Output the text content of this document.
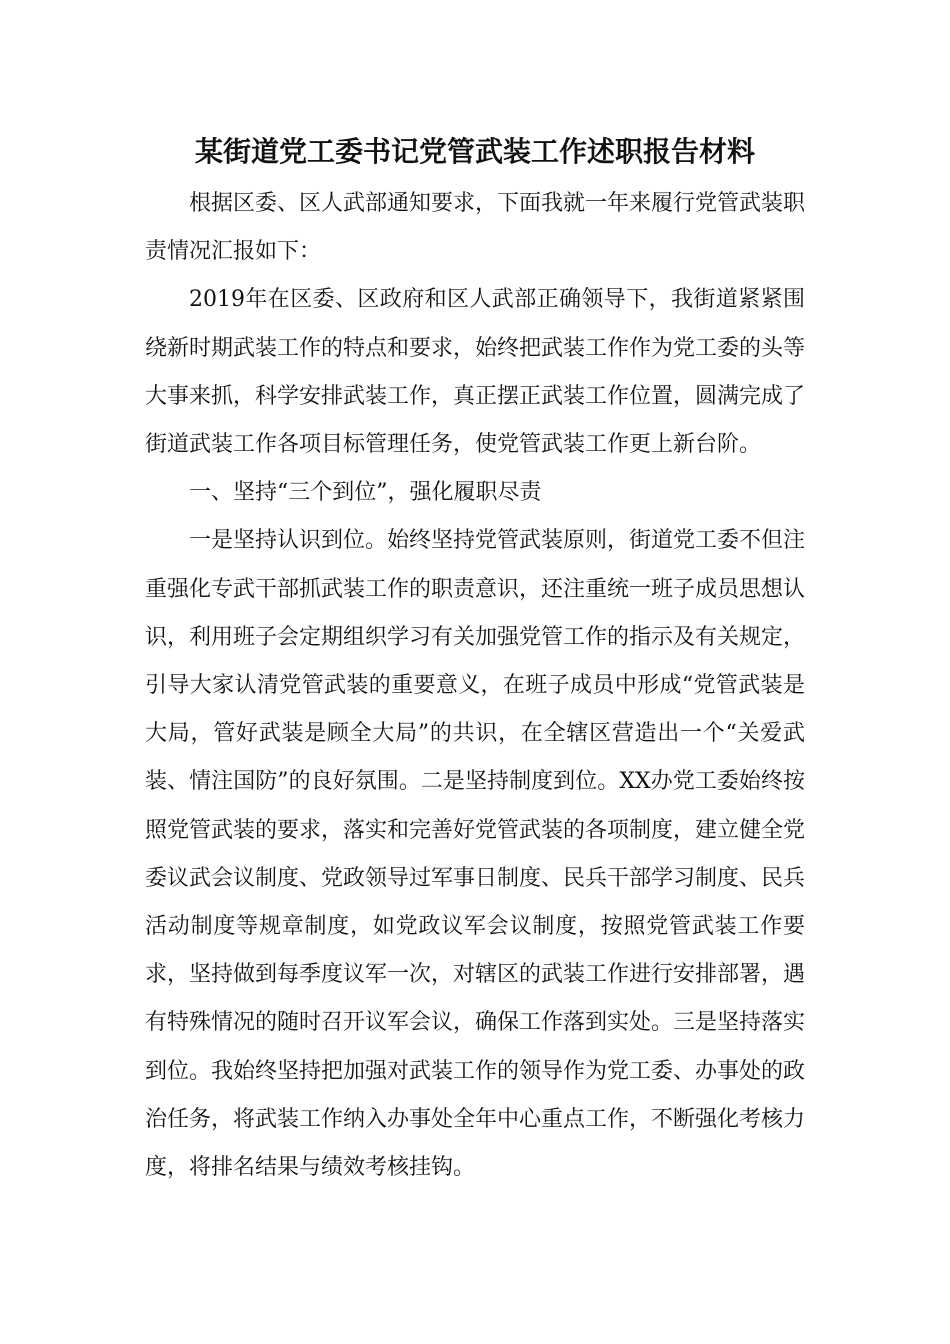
某街道党工委书记党管武装工作述职报告材料

根据区委、区人武部通知要求，下面我就一年来履行党管武装职责情况汇报如下：

2019年在区委、区政府和区人武部正确领导下，我街道紧紧围绕新时期武装工作的特点和要求，始终把武装工作作为党工委的头等大事来抓，科学安排武装工作，真正摆正武装工作位置，圆满完成了街道武装工作各项目标管理任务，使党管武装工作更上新台阶。

一、坚持“三个到位”，强化履职尽责

一是坚持认识到位。始终坚持党管武装原则，街道党工委不但注重强化专武干部抓武装工作的职责意识，还注重统一班子成员思想认识，利用班子会定期组织学习有关加强党管工作的指示及有关规定，引导大家认清党管武装的重要意义，在班子成员中形成“党管武装是大局，管好武装是顾全大局”的共识，在全辖区营造出一个“关爱武装、情注国防”的良好氛围。二是坚持制度到位。XX办党工委始终按照党管武装的要求，落实和完善好党管武装的各项制度，建立健全党委议武会议制度、党政领导过军事日制度、民兵干部学习制度、民兵活动制度等规章制度，如党政议军会议制度，按照党管武装工作要求，坚持做到每季度议军一次，对辖区的武装工作进行安排部署，遇有特殊情况的随时召开议军会议，确保工作落到实处。三是坚持落实到位。我始终坚持把加强对武装工作的领导作为党工委、办事处的政治任务，将武装工作纳入办事处全年中心重点工作，不断强化考核力度，将排名结果与绩效考核挂钩。
